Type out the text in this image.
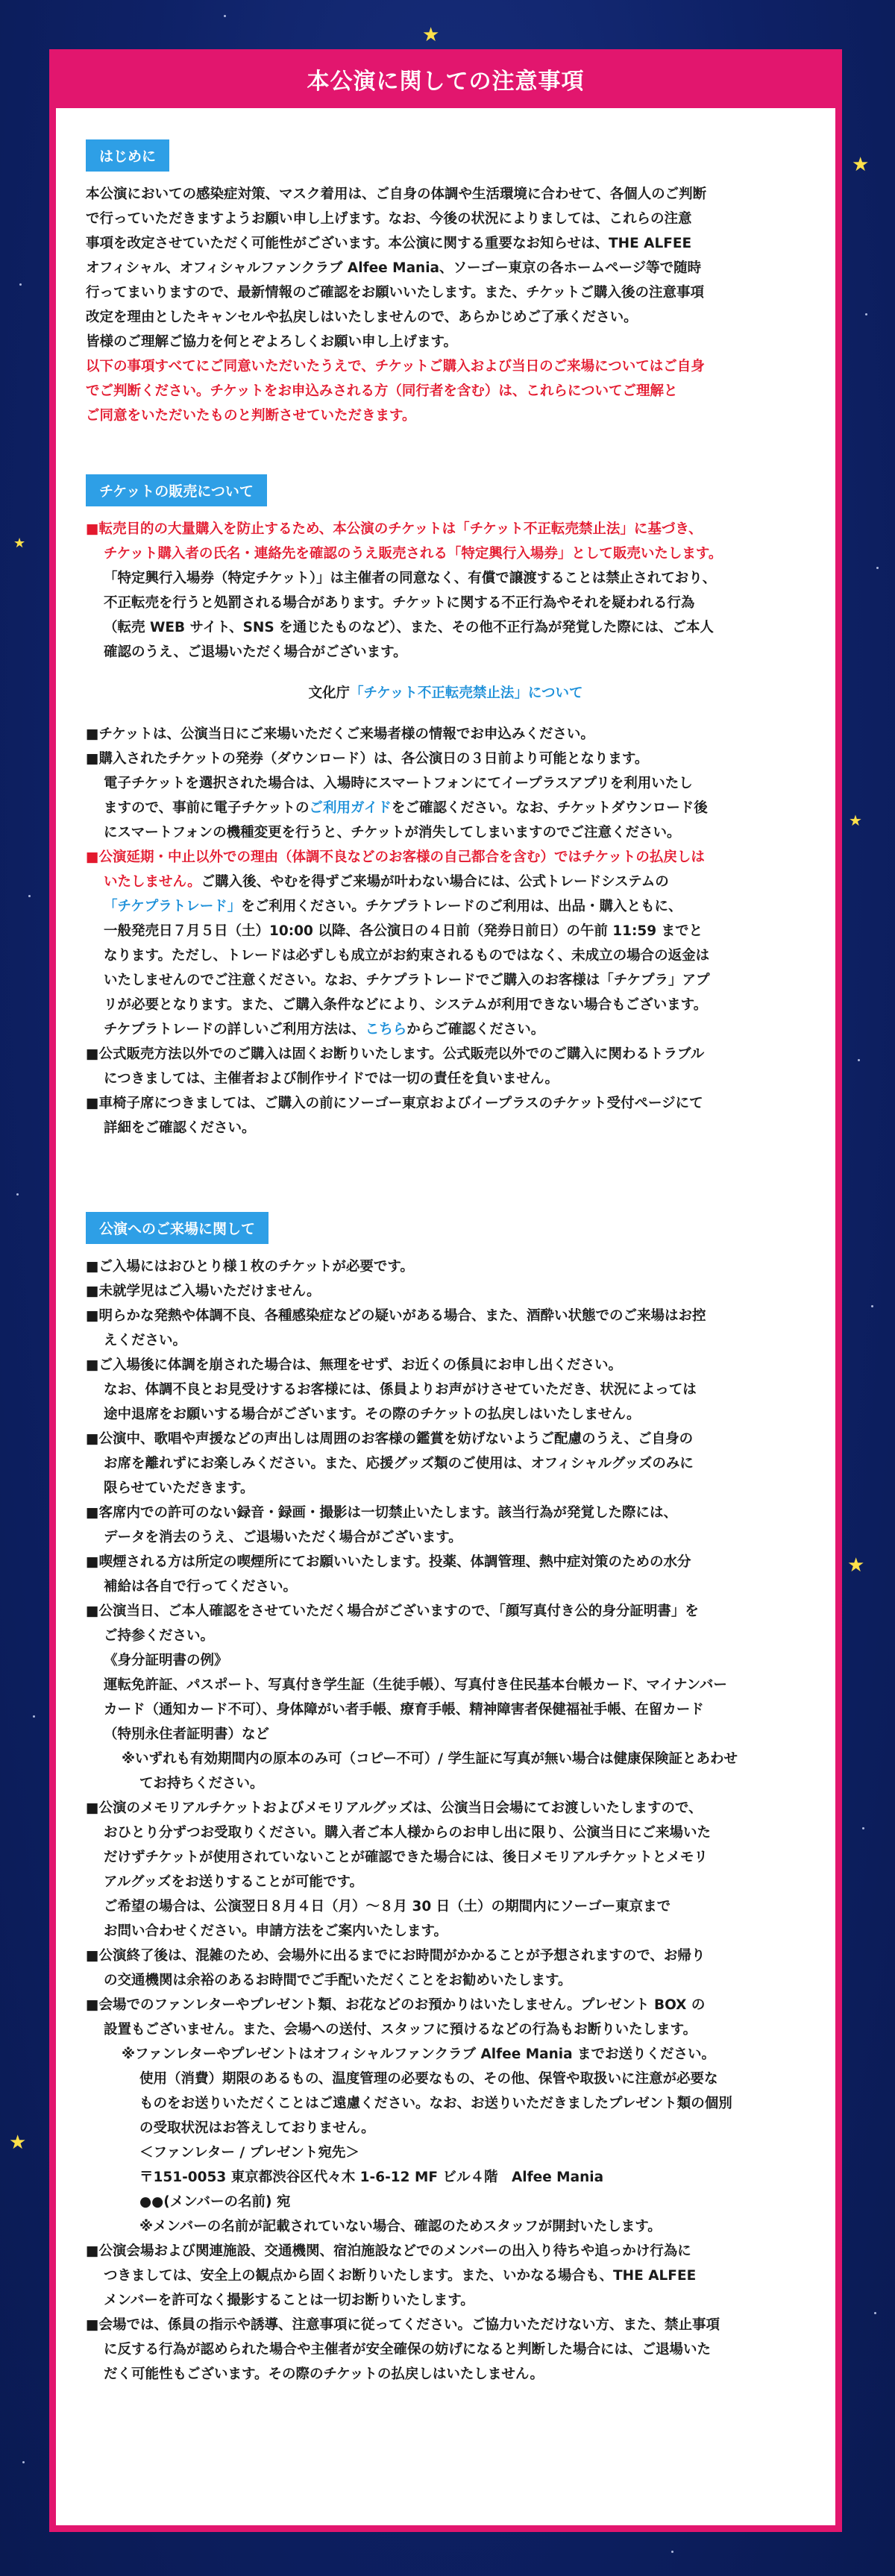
★
★
★
★
★
★
本公演に関しての注意事項
はじめに
本公演においての感染症対策、マスク着用は、ご自身の体調や生活環境に合わせて、各個人のご判断
で行っていただきますようお願い申し上げます。なお、今後の状況によりましては、これらの注意
事項を改定させていただく可能性がございます。本公演に関する重要なお知らせは、THE ALFEE
オフィシャル、オフィシャルファンクラブ Alfee Mania、ソーゴー東京の各ホームページ等で随時
行ってまいりますので、最新情報のご確認をお願いいたします。また、チケットご購入後の注意事項
改定を理由としたキャンセルや払戻しはいたしませんので、あらかじめご了承ください。
皆様のご理解ご協力を何とぞよろしくお願い申し上げます。
以下の事項すべてにご同意いただいたうえで、チケットご購入および当日のご来場についてはご自身
でご判断ください。チケットをお申込みされる方（同行者を含む）は、これらについてご理解と
ご同意をいただいたものと判断させていただきます。
チケットの販売について
■転売目的の大量購入を防止するため、本公演のチケットは「チケット不正転売禁止法」に基づき、
チケット購入者の氏名・連絡先を確認のうえ販売される「特定興行入場券」として販売いたします。
「特定興行入場券（特定チケット）」は主催者の同意なく、有償で譲渡することは禁止されており、
不正転売を行うと処罰される場合があります。チケットに関する不正行為やそれを疑われる行為
（転売 WEB サイト、SNS を通じたものなど）、また、その他不正行為が発覚した際には、ご本人
確認のうえ、ご退場いただく場合がございます。
文化庁「チケット不正転売禁止法」について
■チケットは、公演当日にご来場いただくご来場者様の情報でお申込みください。
■購入されたチケットの発券（ダウンロード）は、各公演日の３日前より可能となります。
電子チケットを選択された場合は、入場時にスマートフォンにてイープラスアプリを利用いたし
ますので、事前に電子チケットのご利用ガイドをご確認ください。なお、チケットダウンロード後
にスマートフォンの機種変更を行うと、チケットが消失してしまいますのでご注意ください。
■公演延期・中止以外での理由（体調不良などのお客様の自己都合を含む）ではチケットの払戻しは
いたしません。ご購入後、やむを得ずご来場が叶わない場合には、公式トレードシステムの
「チケプラトレード」をご利用ください。チケプラトレードのご利用は、出品・購入ともに、
一般発売日７月５日（土）10:00 以降、各公演日の４日前（発券日前日）の午前 11:59 までと
なります。ただし、トレードは必ずしも成立がお約束されるものではなく、未成立の場合の返金は
いたしませんのでご注意ください。なお、チケプラトレードでご購入のお客様は「チケプラ」アプ
リが必要となります。また、ご購入条件などにより、システムが利用できない場合もございます。
チケプラトレードの詳しいご利用方法は、こちらからご確認ください。
■公式販売方法以外でのご購入は固くお断りいたします。公式販売以外でのご購入に関わるトラブル
につきましては、主催者および制作サイドでは一切の責任を負いません。
■車椅子席につきましては、ご購入の前にソーゴー東京およびイープラスのチケット受付ページにて
詳細をご確認ください。
公演へのご来場に関して
■ご入場にはおひとり様１枚のチケットが必要です。
■未就学児はご入場いただけません。
■明らかな発熱や体調不良、各種感染症などの疑いがある場合、また、酒酔い状態でのご来場はお控
えください。
■ご入場後に体調を崩された場合は、無理をせず、お近くの係員にお申し出ください。
なお、体調不良とお見受けするお客様には、係員よりお声がけさせていただき、状況によっては
途中退席をお願いする場合がございます。その際のチケットの払戻しはいたしません。
■公演中、歌唱や声援などの声出しは周囲のお客様の鑑賞を妨げないようご配慮のうえ、ご自身の
お席を離れずにお楽しみください。また、応援グッズ類のご使用は、オフィシャルグッズのみに
限らせていただきます。
■客席内での許可のない録音・録画・撮影は一切禁止いたします。該当行為が発覚した際には、
データを消去のうえ、ご退場いただく場合がございます。
■喫煙される方は所定の喫煙所にてお願いいたします。投薬、体調管理、熱中症対策のための水分
補給は各自で行ってください。
■公演当日、ご本人確認をさせていただく場合がございますので、「顔写真付き公的身分証明書」を
ご持参ください。
《身分証明書の例》
運転免許証、パスポート、写真付き学生証（生徒手帳）、写真付き住民基本台帳カード、マイナンバー
カード（通知カード不可）、身体障がい者手帳、療育手帳、精神障害者保健福祉手帳、在留カード
（特別永住者証明書）など
※いずれも有効期間内の原本のみ可（コピー不可）/ 学生証に写真が無い場合は健康保険証とあわせ
てお持ちください。
■公演のメモリアルチケットおよびメモリアルグッズは、公演当日会場にてお渡しいたしますので、
おひとり分ずつお受取りください。購入者ご本人様からのお申し出に限り、公演当日にご来場いた
だけずチケットが使用されていないことが確認できた場合には、後日メモリアルチケットとメモリ
アルグッズをお送りすることが可能です。
ご希望の場合は、公演翌日８月４日（月）～８月 30 日（土）の期間内にソーゴー東京まで
お問い合わせください。申請方法をご案内いたします。
■公演終了後は、混雑のため、会場外に出るまでにお時間がかかることが予想されますので、お帰り
の交通機関は余裕のあるお時間でご手配いただくことをお勧めいたします。
■会場でのファンレターやプレゼント類、お花などのお預かりはいたしません。プレゼント BOX の
設置もございません。また、会場への送付、スタッフに預けるなどの行為もお断りいたします。
※ファンレターやプレゼントはオフィシャルファンクラブ Alfee Mania までお送りください。
使用（消費）期限のあるもの、温度管理の必要なもの、その他、保管や取扱いに注意が必要な
ものをお送りいただくことはご遠慮ください。なお、お送りいただきましたプレゼント類の個別
の受取状況はお答えしておりません。
＜ファンレター / プレゼント宛先＞
〒151-0053 東京都渋谷区代々木 1-6-12 MF ビル４階　Alfee Mania
●●(メンバーの名前) 宛
※メンバーの名前が記載されていない場合、確認のためスタッフが開封いたします。
■公演会場および関連施設、交通機関、宿泊施設などでのメンバーの出入り待ちや追っかけ行為に
つきましては、安全上の観点から固くお断りいたします。また、いかなる場合も、THE ALFEE
メンバーを許可なく撮影することは一切お断りいたします。
■会場では、係員の指示や誘導、注意事項に従ってください。ご協力いただけない方、また、禁止事項
に反する行為が認められた場合や主催者が安全確保の妨げになると判断した場合には、ご退場いた
だく可能性もございます。その際のチケットの払戻しはいたしません。
